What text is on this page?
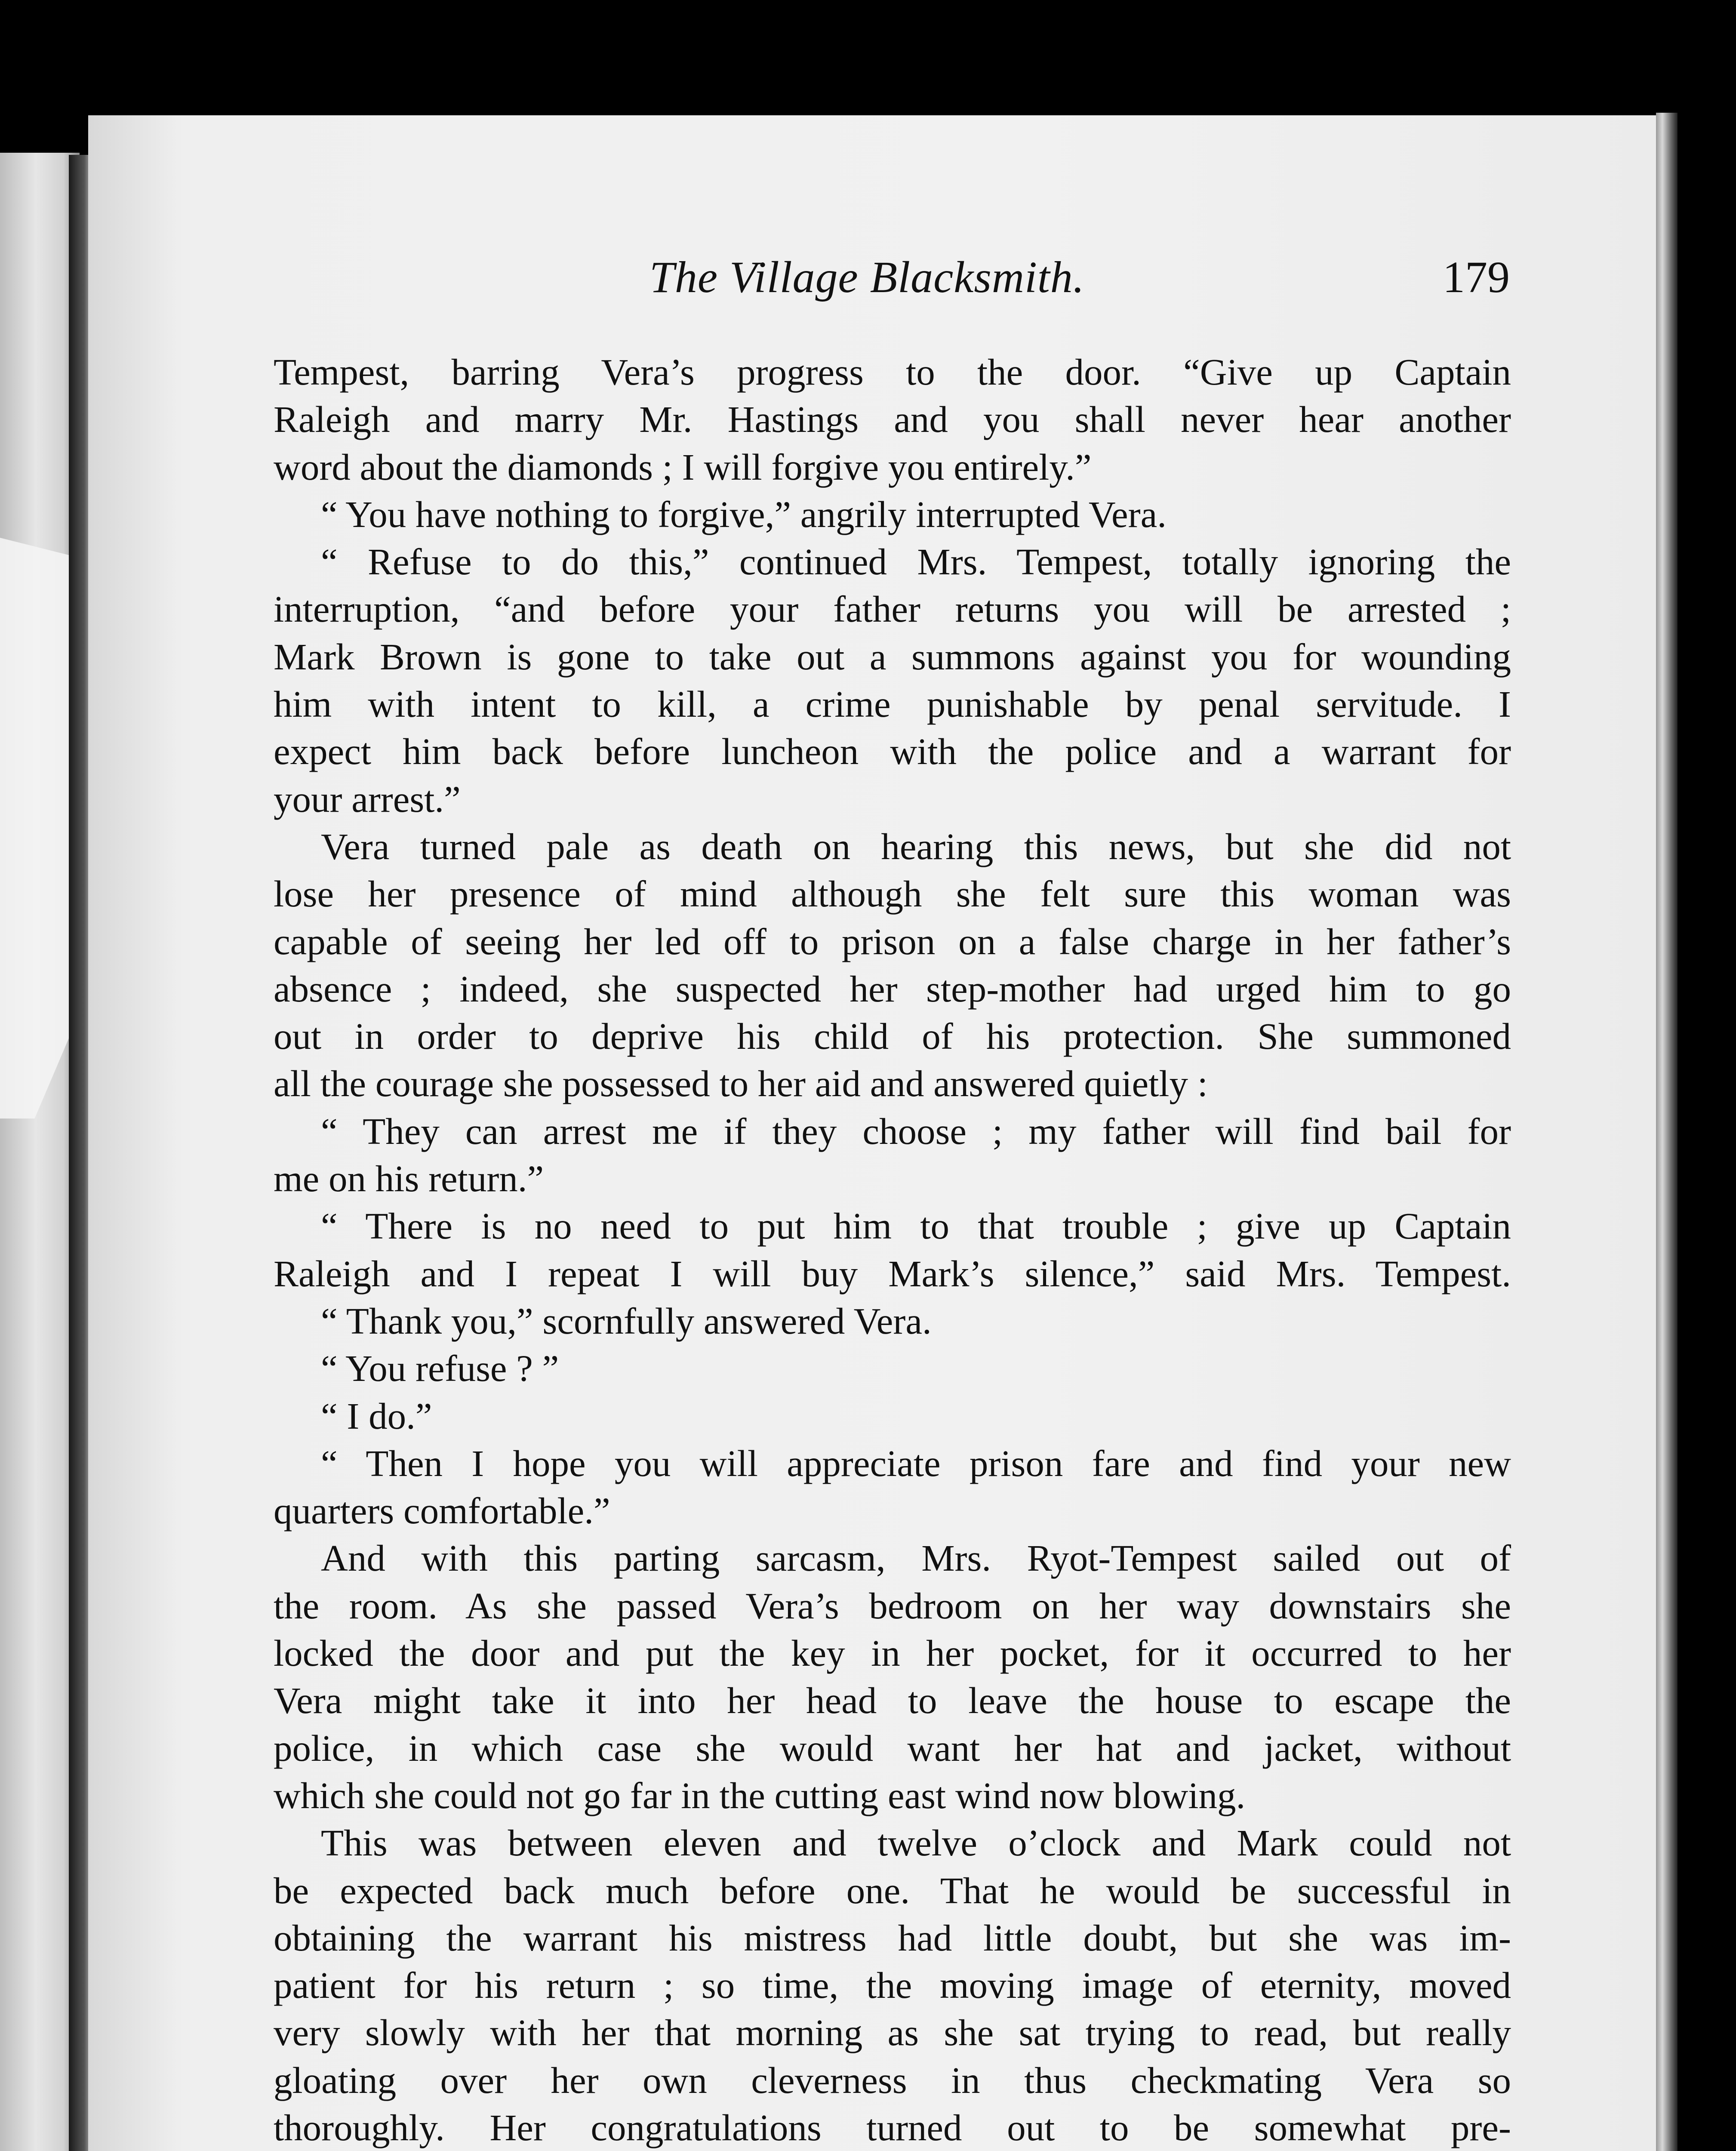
The Village Blacksmith.	179
Tempest, barring Vera’s progress to the door. “Give up Captain
Raleigh and marry Mr. Hastings and you shall never hear another
word about the diamonds ; I will forgive you entirely.”
“ You have nothing to forgive,” angrily interrupted Vera.
“ Refuse to do this,” continued Mrs. Tempest, totally ignoring the
interruption, “and before your father returns you will be arrested ;
Mark Brown is gone to take out a summons against you for wounding
him with intent to kill, a crime punishable by penal servitude. I
expect him back before luncheon with the police and a warrant for
your arrest.”
Vera turned pale as death on hearing this news, but she did not
lose her presence of mind although she felt sure this woman was
capable of seeing her led off to prison on a false charge in her father’s
absence ; indeed, she suspected her step-mother had urged him to go
out in order to deprive his child of his protection. She summoned
all the courage she possessed to her aid and answered quietly :
“ They can arrest me if they choose ; my father will find bail for
me on his return.”
“ There is no need to put him to that trouble ; give up Captain
Raleigh and I repeat I will buy Mark’s silence,” said Mrs. Tempest.
“ Thank you,” scornfully answered Vera.
“ You refuse ? ”
“ I do.”
“ Then I hope you will appreciate prison fare and find your new
quarters comfortable.”
And with this parting sarcasm, Mrs. Ryot-Tempest sailed out of
the room. As she passed Vera’s bedroom on her way downstairs she
locked the door and put the key in her pocket, for it occurred to her
Vera might take it into her head to leave the house to escape the
police, in which case she would want her hat and jacket, without
which she could not go far in the cutting east wind now blowing.
This was between eleven and twelve o’clock and Mark could not
be expected back much before one. That he would be successful in
obtaining the warrant his mistress had little doubt, but she was im-
patient for his return ; so time, the moving image of eternity, moved
very slowly with her that morning as she sat trying to read, but really
gloating over her own cleverness in thus checkmating Vera so
thoroughly. Her congratulations turned out to be somewhat pre-
